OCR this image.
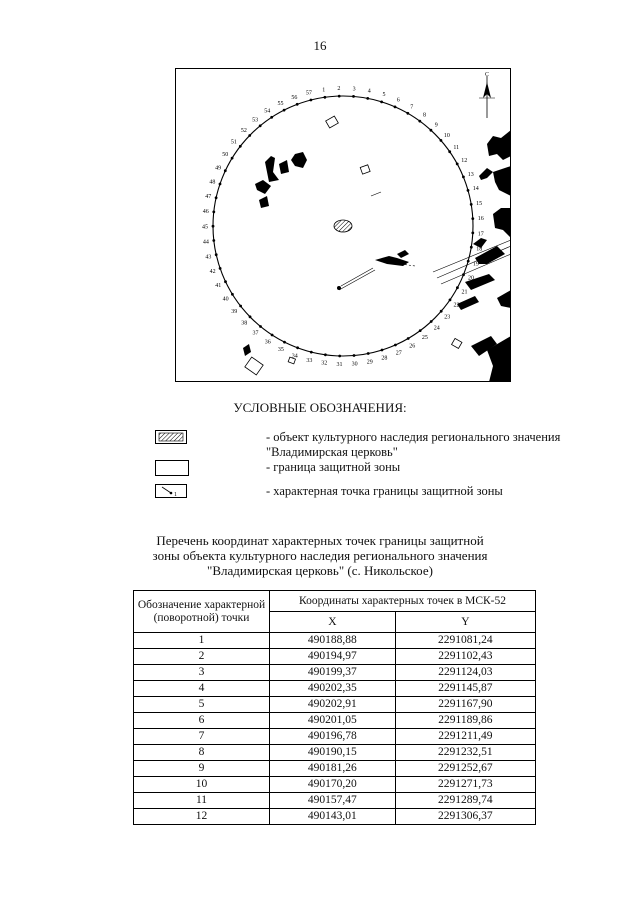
16
C
1 2 3 4
5
6
7
8
9
10
11
12
13
14
15
16
17
18
19
20
21
22
23
24
25
26
27
28
29
30
31
32
33
34
35
36
37
38
39
40
41
42
43
44
45
46
47
48
49
50
51
52
53
54
55
56
57
УСЛОВНЫЕ ОБОЗНАЧЕНИЯ:
- объект культурного наследия регионального значения "Владимирская церковь"
- граница защитной зоны
1	- характерная точка границы защитной зоны
Перечень координат характерных точек границы защитной зоны объекта культурного наследия регионального значения "Владимирская церковь" (с. Никольское)
Обозначение характерной (поворотной) точки	Координаты характерных точек в МСК-52	
	X	Y
1	490188,88	2291081,24
2	490194,97	2291102,43
3	490199,37	2291124,03
4	490202,35	2291145,87
5	490202,91	2291167,90
6	490201,05	2291189,86
7	490196,78	2291211,49
8	490190,15	2291232,51
9	490181,26	2291252,67
10	490170,20	2291271,73
11	490157,47	2291289,74
12	490143,01	2291306,37
